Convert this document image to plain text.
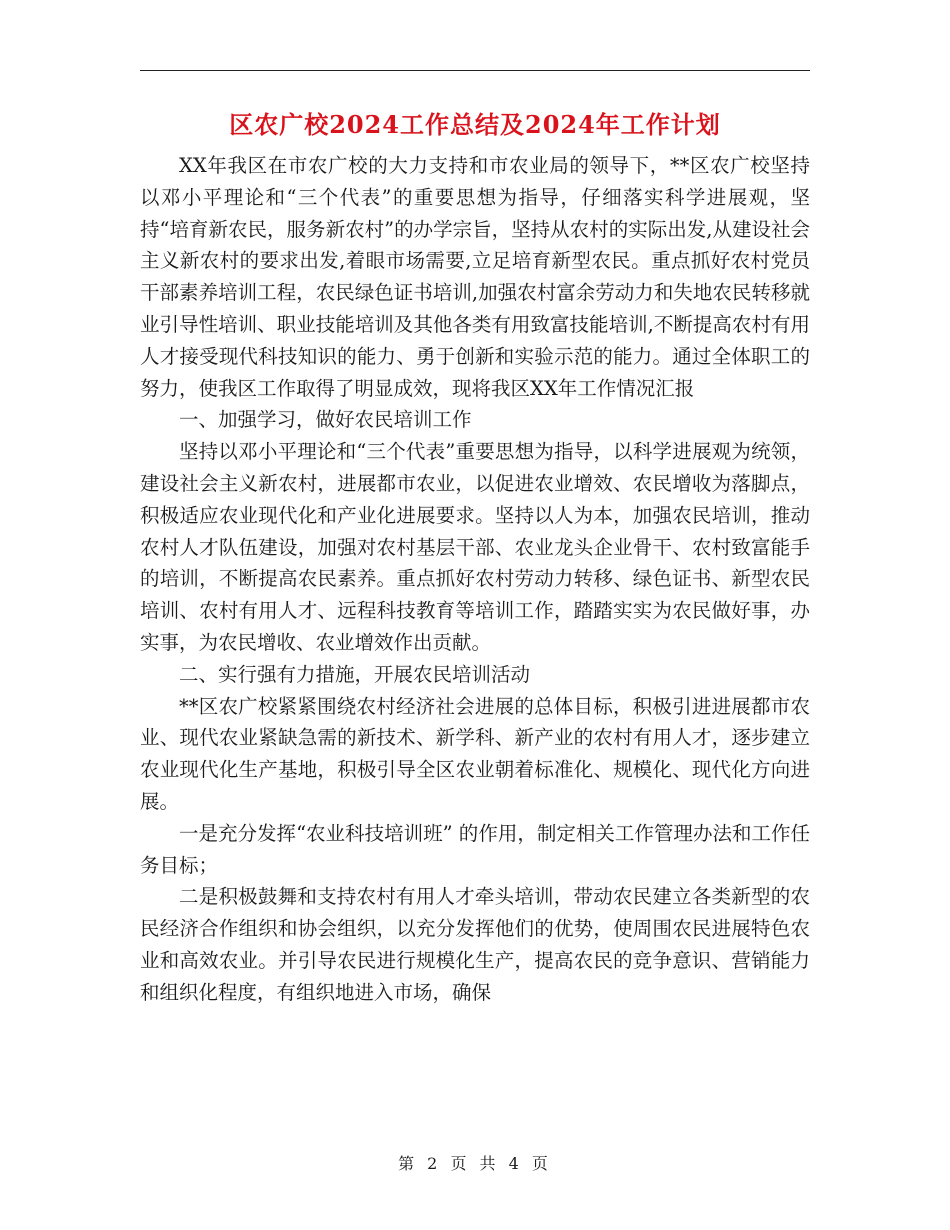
区农广校2024工作总结及2024年工作计划

XX年我区在市农广校的大力支持和市农业局的领导下，**区农广校坚持以邓小平理论和“三个代表”的重要思想为指导，仔细落实科学进展观，坚持“培育新农民，服务新农村”的办学宗旨，坚持从农村的实际出发,从建设社会主义新农村的要求出发,着眼市场需要,立足培育新型农民。重点抓好农村党员干部素养培训工程，农民绿色证书培训,加强农村富余劳动力和失地农民转移就业引导性培训、职业技能培训及其他各类有用致富技能培训,不断提高农村有用人才接受现代科技知识的能力、勇于创新和实验示范的能力。通过全体职工的努力，使我区工作取得了明显成效，现将我区XX年工作情况汇报

一、加强学习，做好农民培训工作

坚持以邓小平理论和“三个代表”重要思想为指导，以科学进展观为统领，建设社会主义新农村，进展都市农业，以促进农业增效、农民增收为落脚点，积极适应农业现代化和产业化进展要求。坚持以人为本，加强农民培训，推动农村人才队伍建设，加强对农村基层干部、农业龙头企业骨干、农村致富能手的培训，不断提高农民素养。重点抓好农村劳动力转移、绿色证书、新型农民培训、农村有用人才、远程科技教育等培训工作，踏踏实实为农民做好事，办实事，为农民增收、农业增效作出贡献。

二、实行强有力措施，开展农民培训活动

**区农广校紧紧围绕农村经济社会进展的总体目标，积极引进进展都市农业、现代农业紧缺急需的新技术、新学科、新产业的农村有用人才，逐步建立农业现代化生产基地，积极引导全区农业朝着标准化、规模化、现代化方向进展。

一是充分发挥“农业科技培训班” 的作用，制定相关工作管理办法和工作任务目标；

二是积极鼓舞和支持农村有用人才牵头培训，带动农民建立各类新型的农民经济合作组织和协会组织，以充分发挥他们的优势，使周围农民进展特色农业和高效农业。并引导农民进行规模化生产，提高农民的竞争意识、营销能力和组织化程度，有组织地进入市场，确保

第 2 页 共 4 页
